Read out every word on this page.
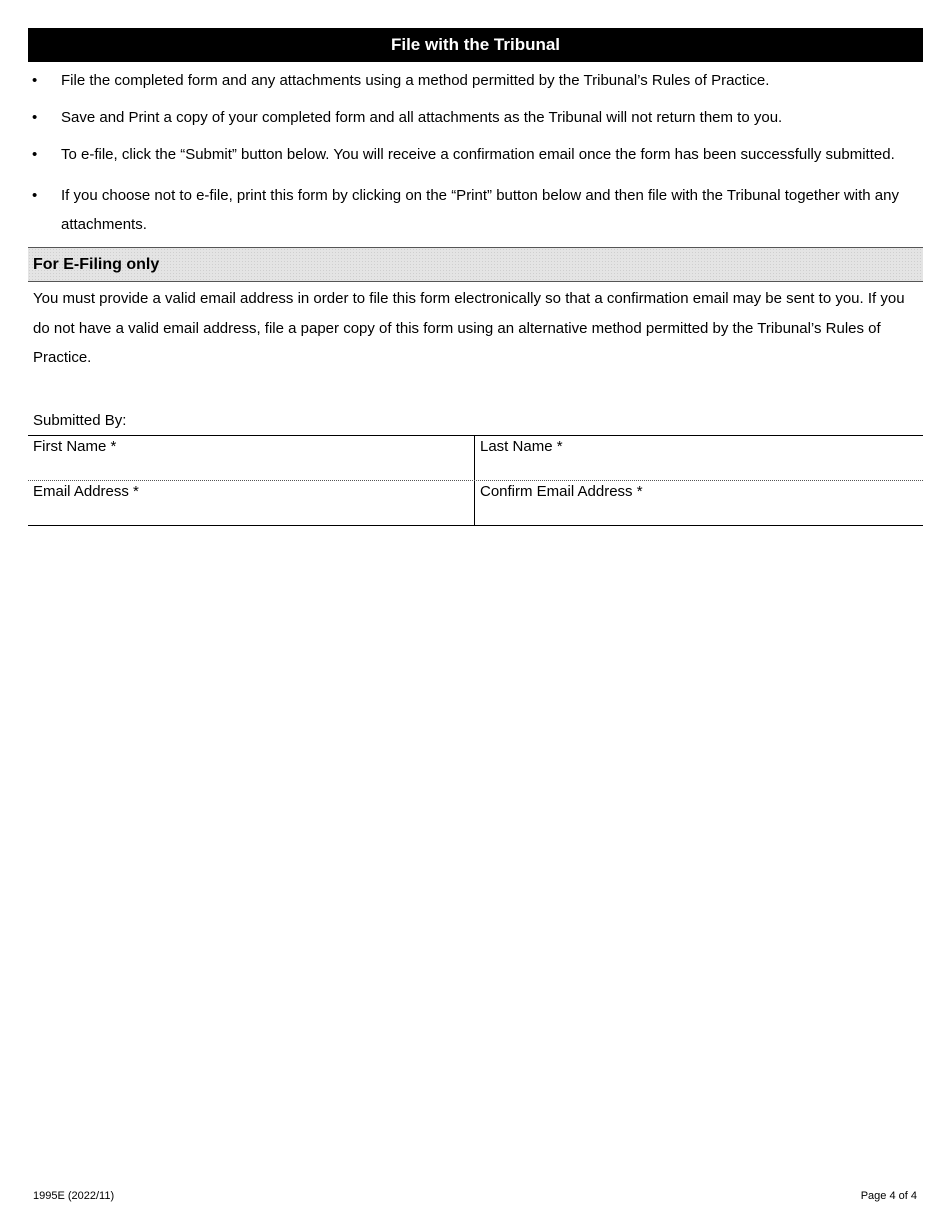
File with the Tribunal
• File the completed form and any attachments using a method permitted by the Tribunal’s Rules of Practice.
• Save and Print a copy of your completed form and all attachments as the Tribunal will not return them to you.
• To e-file, click the “Submit” button below. You will receive a confirmation email once the form has been successfully submitted.
• If you choose not to e-file, print this form by clicking on the “Print” button below and then file with the Tribunal together with any attachments.
For E-Filing only

You must provide a valid email address in order to file this form electronically so that a confirmation email may be sent to you. If you do not have a valid email address, file a paper copy of this form using an alternative method permitted by the Tribunal’s Rules of Practice.

Submitted By:
First Name *	Last Name *
Email Address *	Confirm Email Address *
1995E (2022/11)	Page 4 of 4
